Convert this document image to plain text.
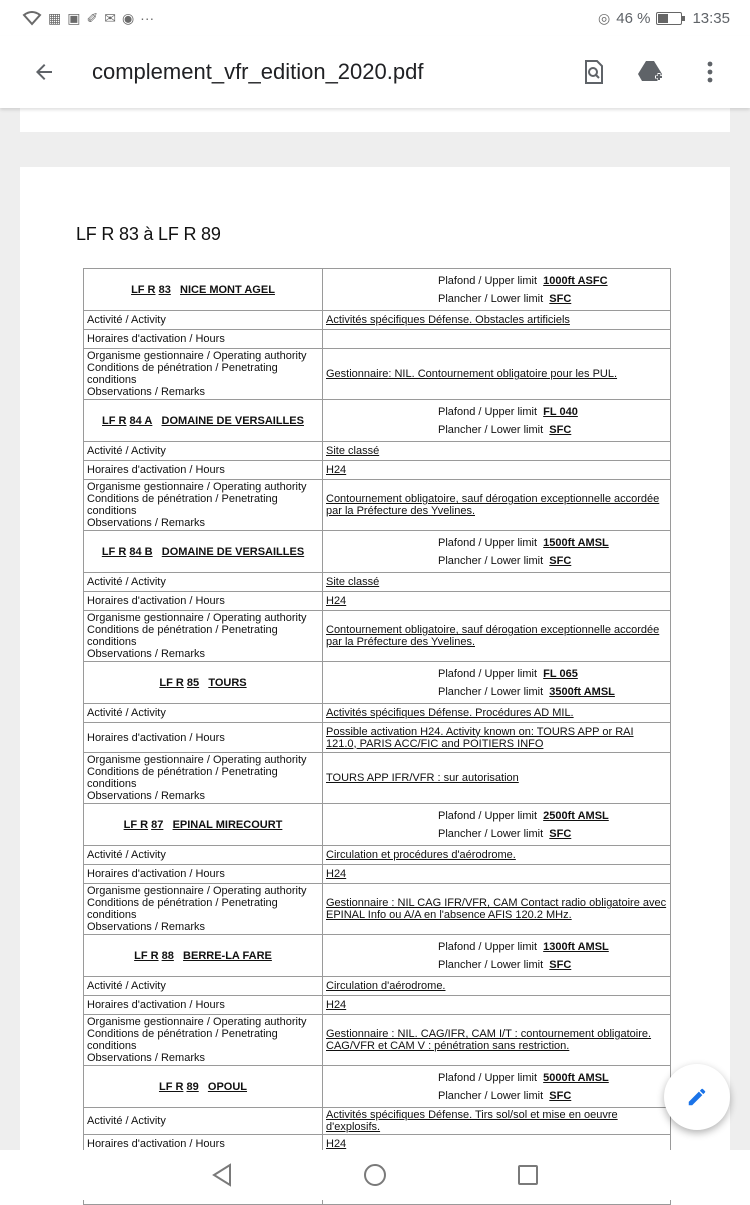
▦ ▣ ✐ ✉ ◉ ···	◎ 46 %	13:35
complement_vfr_edition_2020.pdf
LF R 83 à LF R 89
LF R 83 NICE MONT AGEL	Plafond / Upper limit 1000ft ASFC
Plancher / Lower limit SFC
Activité / Activity	Activités spécifiques Défense. Obstacles artificiels
Horaires d'activation / Hours	
Organisme gestionnaire / Operating authority
Conditions de pénétration / Penetrating conditions
Observations / Remarks	Gestionnaire: NIL. Contournement obligatoire pour les PUL.
LF R 84 A DOMAINE DE VERSAILLES	Plafond / Upper limit FL 040
Plancher / Lower limit SFC
Activité / Activity	Site classé
Horaires d'activation / Hours	H24
Organisme gestionnaire / Operating authority
Conditions de pénétration / Penetrating conditions
Observations / Remarks	Contournement obligatoire, sauf dérogation exceptionnelle accordée par la Préfecture des Yvelines.
LF R 84 B DOMAINE DE VERSAILLES	Plafond / Upper limit 1500ft AMSL
Plancher / Lower limit SFC
Activité / Activity	Site classé
Horaires d'activation / Hours	H24
Organisme gestionnaire / Operating authority
Conditions de pénétration / Penetrating conditions
Observations / Remarks	Contournement obligatoire, sauf dérogation exceptionnelle accordée par la Préfecture des Yvelines.
LF R 85 TOURS	Plafond / Upper limit FL 065
Plancher / Lower limit 3500ft AMSL
Activité / Activity	Activités spécifiques Défense. Procédures AD MIL.
Horaires d'activation / Hours	Possible activation H24. Activity known on: TOURS APP or RAI 121.0, PARIS ACC/FIC and POITIERS INFO
Organisme gestionnaire / Operating authority
Conditions de pénétration / Penetrating conditions
Observations / Remarks	TOURS APP IFR/VFR : sur autorisation
LF R 87 EPINAL MIRECOURT	Plafond / Upper limit 2500ft AMSL
Plancher / Lower limit SFC
Activité / Activity	Circulation et procédures d'aérodrome.
Horaires d'activation / Hours	H24
Organisme gestionnaire / Operating authority
Conditions de pénétration / Penetrating conditions
Observations / Remarks	Gestionnaire : NIL CAG IFR/VFR, CAM Contact radio obligatoire avec EPINAL Info ou A/A en l'absence AFIS 120.2 MHz.
LF R 88 BERRE-LA FARE	Plafond / Upper limit 1300ft AMSL
Plancher / Lower limit SFC
Activité / Activity	Circulation d'aérodrome.
Horaires d'activation / Hours	H24
Organisme gestionnaire / Operating authority
Conditions de pénétration / Penetrating conditions
Observations / Remarks	Gestionnaire : NIL. CAG/IFR, CAM I/T : contournement obligatoire. CAG/VFR et CAM V : pénétration sans restriction.
LF R 89 OPOUL	Plafond / Upper limit 5000ft AMSL
Plancher / Lower limit SFC
Activité / Activity	Activités spécifiques Défense. Tirs sol/sol et mise en oeuvre d'explosifs.
Horaires d'activation / Hours	H24
